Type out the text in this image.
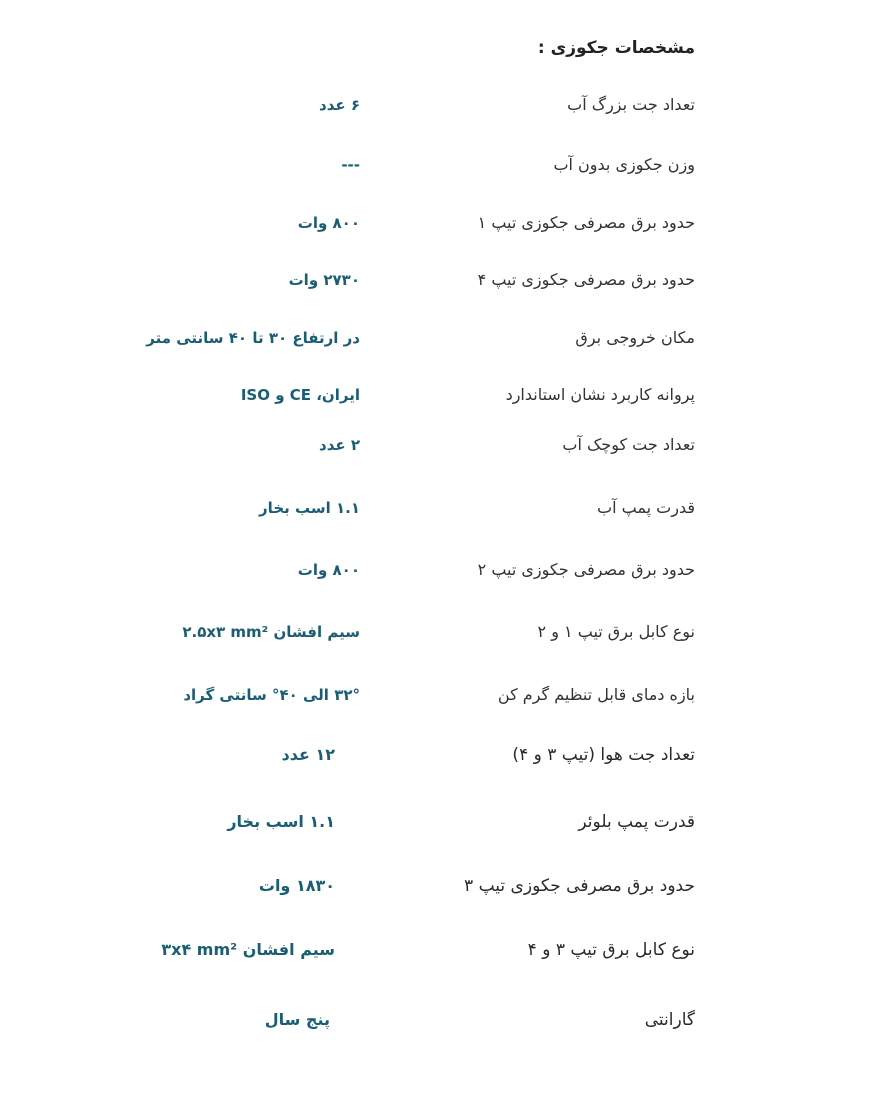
مشخصات جکوزی :
تعداد جت بزرگ آب
۶ عدد
وزن جکوزی بدون آب
---
حدود برق مصرفی جکوزی تیپ ۱
۸۰۰ وات
حدود برق مصرفی جکوزی تیپ ۴
۲۷۳۰ وات
مکان خروجی برق
در ارتفاع ۳۰ تا ۴۰ سانتی متر
پروانه کاربرد نشان استاندارد
ایران، CE و ISO
تعداد جت کوچک آب
۲ عدد
قدرت پمپ آب
۱.۱ اسب بخار
حدود برق مصرفی جکوزی تیپ ۲
۸۰۰ وات
نوع کابل برق تیپ ۱ و ۲
سیم افشان ۲.۵x۳ mm²
بازه دمای قابل تنظیم گرم کن
۳۲° الی ۴۰° سانتی گراد
تعداد جت هوا (تیپ ۳ و ۴)
۱۲ عدد
قدرت پمپ بلوئر
۱.۱ اسب بخار
حدود برق مصرفی جکوزی تیپ ۳
۱۸۳۰ وات
نوع کابل برق تیپ ۳ و ۴
سیم افشان ۳x۴ mm²
گارانتی
پنج سال
